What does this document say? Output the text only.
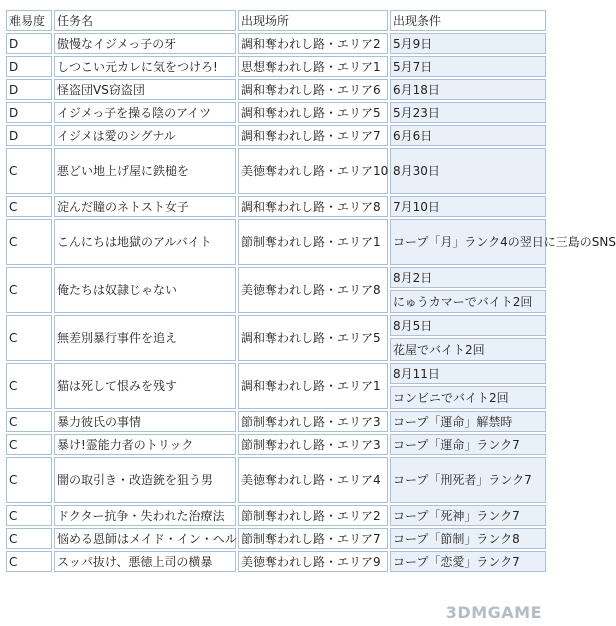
难易度	任务名	出现场所	出现条件
D	傲慢なイジメっ子の牙	調和奪われし路・エリア2	5月9日
D	しつこい元カレに気をつけろ!	思想奪われし路・エリア1	5月7日
D	怪盗団VS窃盗団	調和奪われし路・エリア6	6月18日
D	イジメっ子を操る陰のアイツ	調和奪われし路・エリア5	5月23日
D	イジメは愛のシグナル	調和奪われし路・エリア7	6月6日
C	悪どい地上げ屋に鉄槌を	美徳奪われし路・エリア10	8月30日
C	淀んだ瞳のネトスト女子	調和奪われし路・エリア8	7月10日
C	こんにちは地獄のアルバイト	節制奪われし路・エリア1	コープ「月」ランク4の翌日に三島のSNS
C	俺たちは奴隷じゃない	美徳奪われし路・エリア8	8月2日
			にゅうカマーでバイト2回
C	無差別暴行事件を追え	調和奪われし路・エリア5	8月5日
			花屋でバイト2回
C	猫は死して恨みを残す	調和奪われし路・エリア1	8月11日
			コンビニでバイト2回
C	暴力彼氏の事情	節制奪われし路・エリア3	コープ「運命」解禁時
C	暴け!霊能力者のトリック	節制奪われし路・エリア3	コープ「運命」ランク7
C	闇の取引き・改造銃を狙う男	美徳奪われし路・エリア4	コープ「刑死者」ランク7
C	ドクター抗争・失われた治療法	節制奪われし路・エリア2	コープ「死神」ランク7
C	悩める恩師はメイド・イン・ヘル	節制奪われし路・エリア7	コープ「節制」ランク8
C	スッパ抜け、悪徳上司の横暴	美徳奪われし路・エリア9	コープ「恋愛」ランク7
3DMGAME
